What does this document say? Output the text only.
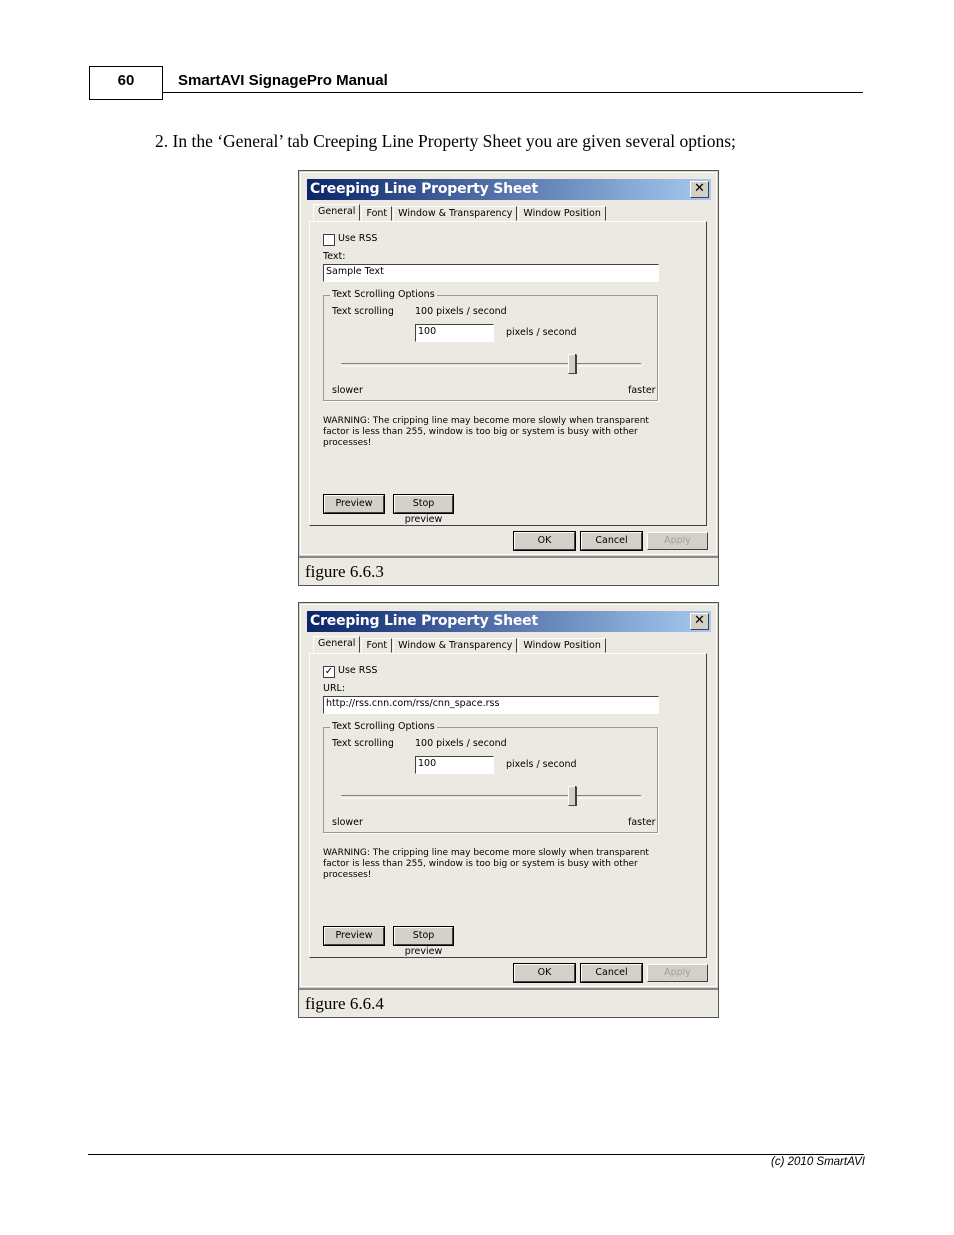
60	SmartAVI SignagePro Manual
2. In the ‘General’ tab Creeping Line Property Sheet you are given several options;
Creeping Line Property Sheet	✕
General	Font	Window & Transparency	Window Position
Use RSS
Text:
Sample Text
Text Scrolling Options
Text scrolling 100 pixels / second
100	pixels / second
slower	faster
WARNING: The cripping line may become more slowly when transparent factor is less than 255, window is too big or system is busy with other processes!
Preview	Stop preview
OK	Cancel	Apply
figure 6.6.3
Creeping Line Property Sheet	✕
General	Font	Window & Transparency	Window Position
✓ Use RSS
URL:
http://rss.cnn.com/rss/cnn_space.rss
Text Scrolling Options
Text scrolling 100 pixels / second
100	pixels / second
slower	faster
WARNING: The cripping line may become more slowly when transparent factor is less than 255, window is too big or system is busy with other processes!
Preview	Stop preview
OK	Cancel	Apply
figure 6.6.4
(c) 2010 SmartAVI
